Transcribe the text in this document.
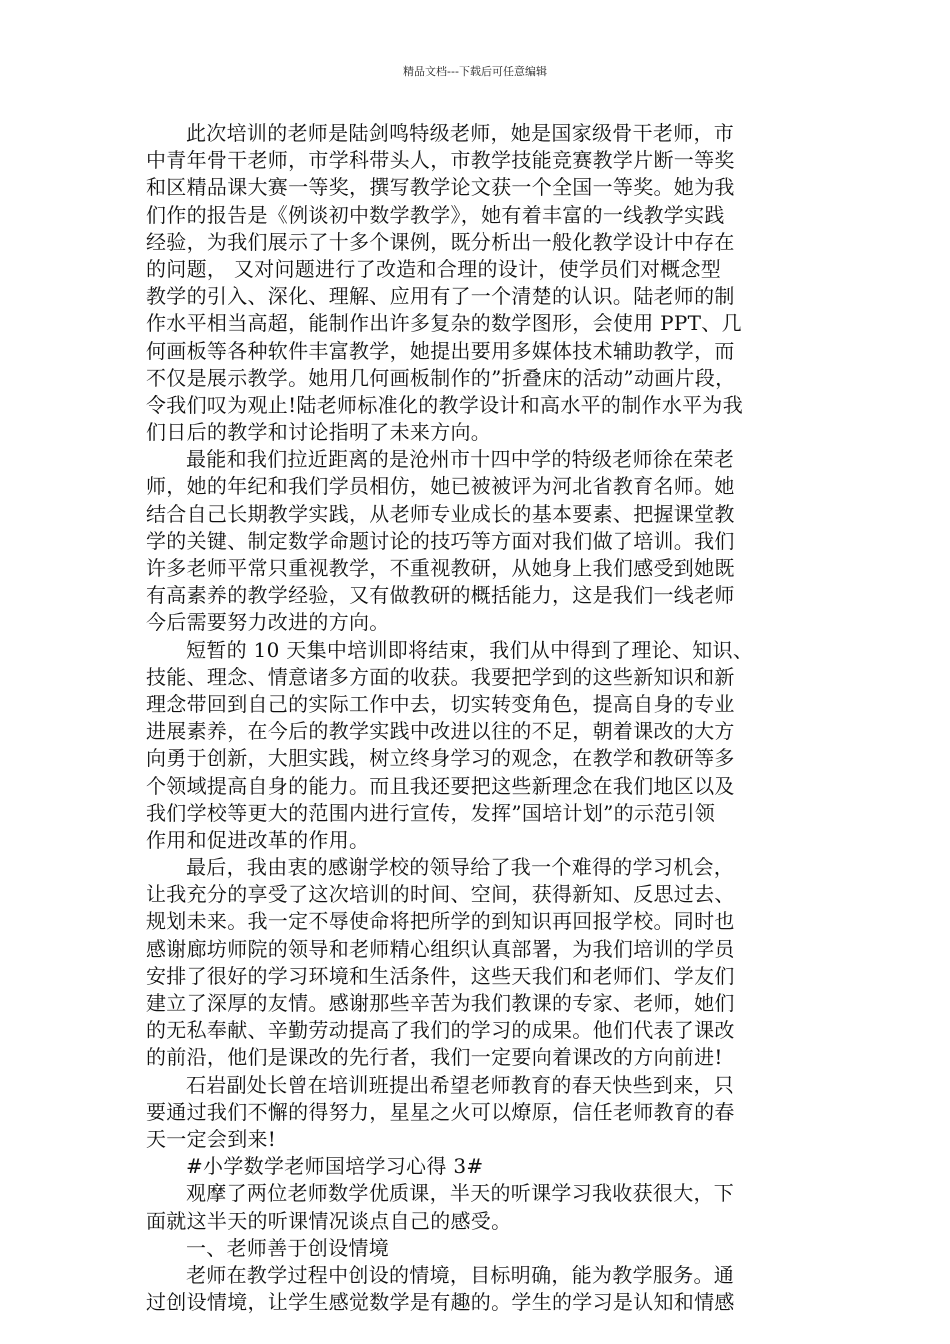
精品文档---下载后可任意编辑
此次培训的老师是陆剑鸣特级老师，她是国家级骨干老师，市
中青年骨干老师，市学科带头人，市教学技能竞赛教学片断一等奖
和区精品课大赛一等奖，撰写教学论文获一个全国一等奖。她为我
们作的报告是《例谈初中数学教学》，她有着丰富的一线教学实践
经验，为我们展示了十多个课例，既分析出一般化教学设计中存在
的问题， 又对问题进行了改造和合理的设计，使学员们对概念型
教学的引入、深化、理解、应用有了一个清楚的认识。陆老师的制
作水平相当高超，能制作出许多复杂的数学图形，会使用 PPT、几
何画板等各种软件丰富教学，她提出要用多媒体技术辅助教学，而
不仅是展示教学。她用几何画板制作的”折叠床的活动”动画片段，
令我们叹为观止!陆老师标准化的教学设计和高水平的制作水平为我
们日后的教学和讨论指明了未来方向。
最能和我们拉近距离的是沧州市十四中学的特级老师徐在荣老
师，她的年纪和我们学员相仿，她已被被评为河北省教育名师。她
结合自己长期教学实践，从老师专业成长的基本要素、把握课堂教
学的关键、制定数学命题讨论的技巧等方面对我们做了培训。我们
许多老师平常只重视教学，不重视教研，从她身上我们感受到她既
有高素养的教学经验，又有做教研的概括能力，这是我们一线老师
今后需要努力改进的方向。
短暂的 10 天集中培训即将结束，我们从中得到了理论、知识、
技能、理念、情意诸多方面的收获。我要把学到的这些新知识和新
理念带回到自己的实际工作中去，切实转变角色，提高自身的专业
进展素养，在今后的教学实践中改进以往的不足，朝着课改的大方
向勇于创新，大胆实践，树立终身学习的观念，在教学和教研等多
个领域提高自身的能力。而且我还要把这些新理念在我们地区以及
我们学校等更大的范围内进行宣传，发挥”国培计划”的示范引领
作用和促进改革的作用。
最后，我由衷的感谢学校的领导给了我一个难得的学习机会，
让我充分的享受了这次培训的时间、空间，获得新知、反思过去、
规划未来。我一定不辱使命将把所学的到知识再回报学校。同时也
感谢廊坊师院的领导和老师精心组织认真部署，为我们培训的学员
安排了很好的学习环境和生活条件，这些天我们和老师们、学友们
建立了深厚的友情。感谢那些辛苦为我们教课的专家、老师，她们
的无私奉献、辛勤劳动提高了我们的学习的成果。他们代表了课改
的前沿，他们是课改的先行者，我们一定要向着课改的方向前进!
石岩副处长曾在培训班提出希望老师教育的春天快些到来，只
要通过我们不懈的得努力，星星之火可以燎原，信任老师教育的春
天一定会到来!
#小学数学老师国培学习心得 3#
观摩了两位老师数学优质课，半天的听课学习我收获很大，下
面就这半天的听课情况谈点自己的感受。
一、老师善于创设情境
老师在教学过程中创设的情境，目标明确，能为教学服务。通
过创设情境，让学生感觉数学是有趣的。学生的学习是认知和情感
